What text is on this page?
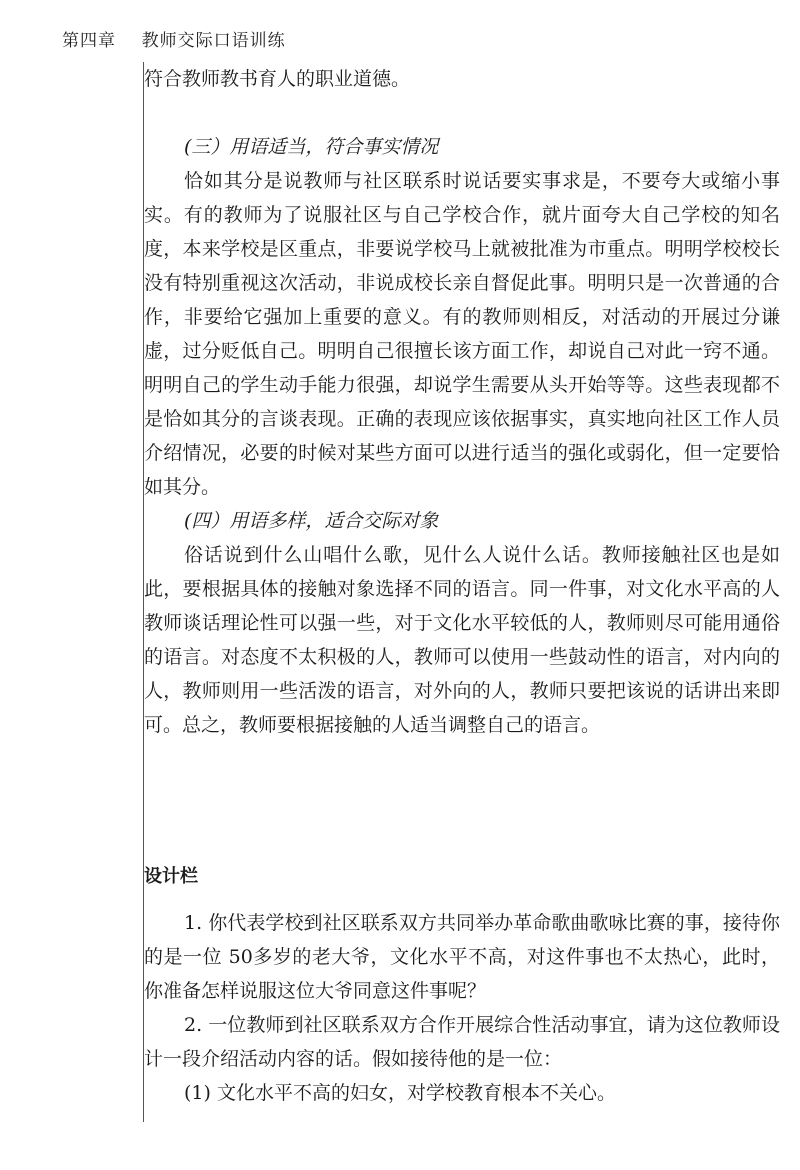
第四章 教师交际口语训练

符合教师教书育人的职业道德。

(三）用语适当，符合事实情况

恰如其分是说教师与社区联系时说话要实事求是，不要夸大或缩小事实。有的教师为了说服社区与自己学校合作，就片面夸大自己学校的知名度，本来学校是区重点，非要说学校马上就被批准为市重点。明明学校校长没有特别重视这次活动，非说成校长亲自督促此事。明明只是一次普通的合作，非要给它强加上重要的意义。有的教师则相反，对活动的开展过分谦虚，过分贬低自己。明明自己很擅长该方面工作，却说自己对此一窍不通。明明自己的学生动手能力很强，却说学生需要从头开始等等。这些表现都不是恰如其分的言谈表现。正确的表现应该依据事实，真实地向社区工作人员介绍情况，必要的时候对某些方面可以进行适当的强化或弱化，但一定要恰如其分。

(四）用语多样，适合交际对象

俗话说到什么山唱什么歌，见什么人说什么话。教师接触社区也是如此，要根据具体的接触对象选择不同的语言。同一件事，对文化水平高的人教师谈话理论性可以强一些，对于文化水平较低的人，教师则尽可能用通俗的语言。对态度不太积极的人，教师可以使用一些鼓动性的语言，对内向的人，教师则用一些活泼的语言，对外向的人，教师只要把该说的话讲出来即可。总之，教师要根据接触的人适当调整自己的语言。

设计栏

1. 你代表学校到社区联系双方共同举办革命歌曲歌咏比赛的事，接待你的是一位 50多岁的老大爷，文化水平不高，对这件事也不太热心，此时，你准备怎样说服这位大爷同意这件事呢？

2. 一位教师到社区联系双方合作开展综合性活动事宜，请为这位教师设计一段介绍活动内容的话。假如接待他的是一位：

(1) 文化水平不高的妇女，对学校教育根本不关心。
